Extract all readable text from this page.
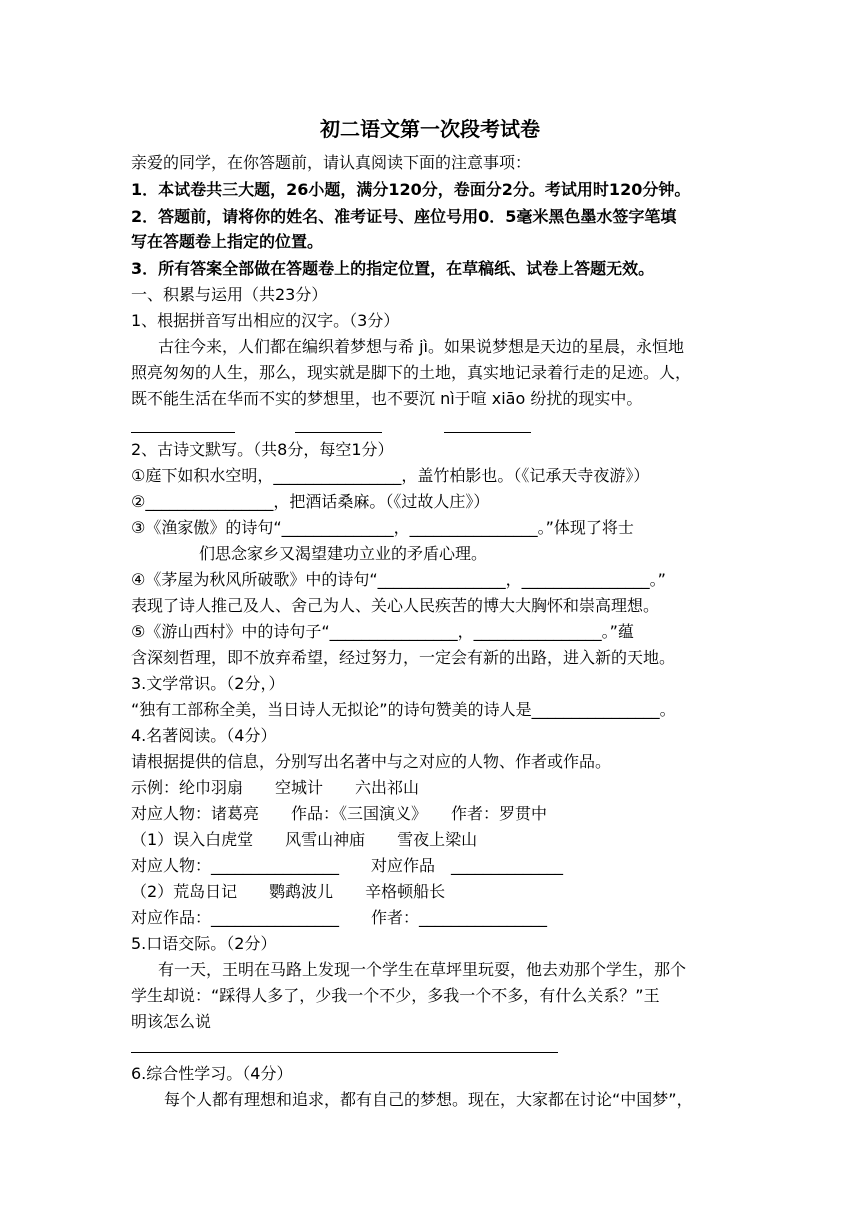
初二语文第一次段考试卷
亲爱的同学，在你答题前，请认真阅读下面的注意事项：
1．本试卷共三大题，26小题，满分120分，卷面分2分。考试用时120分钟。
2．答题前，请将你的姓名、准考证号、座位号用0．5毫米黑色墨水签字笔填
写在答题卷上指定的位置。
3．所有答案全部做在答题卷上的指定位置，在草稿纸、试卷上答题无效。
一、积累与运用（共23分）
1、根据拼音写出相应的汉字。（3分）
古往今来，人们都在编织着梦想与希 jì。如果说梦想是天边的星晨，永恒地
照亮匆匆的人生，那么，现实就是脚下的土地，真实地记录着行走的足迹。人，
既不能生活在华而不实的梦想里，也不要沉 nì于喧 xiāo 纷扰的现实中。
2、古诗文默写。（共8分，每空1分）
①庭下如积水空明，________________，盖竹柏影也。（《记承天寺夜游》）
②________________，把酒话桑麻。（《过故人庄》）
③《渔家傲》的诗句“______________，________________。”体现了将士
们思念家乡又渴望建功立业的矛盾心理。
④《茅屋为秋风所破歌》中的诗句“________________，________________。”
表现了诗人推己及人、舍己为人、关心人民疾苦的博大大胸怀和崇高理想。
⑤《游山西村》中的诗句子“________________，________________。”蕴
含深刻哲理，即不放弃希望，经过努力，一定会有新的出路，进入新的天地。
3.文学常识。（2分，）
“独有工部称全美，当日诗人无拟论”的诗句赞美的诗人是________________。
4.名著阅读。（4分）
请根据提供的信息，分别写出名著中与之对应的人物、作者或作品。
示例：纶巾羽扇　　空城计　　六出祁山
对应人物：诸葛亮　　作品：《三国演义》　　作者：罗贯中
（1）误入白虎堂　　风雪山神庙　　雪夜上梁山
对应人物：________________　　对应作品　______________
（2）荒岛日记　　鹦鹉波儿　　辛格顿船长
对应作品：________________　　作者：________________
5.口语交际。（2分）
有一天，王明在马路上发现一个学生在草坪里玩耍，他去劝那个学生，那个
学生却说：“踩得人多了，少我一个不少，多我一个不多，有什么关系？”王
明该怎么说
6.综合性学习。（4分）
每个人都有理想和追求，都有自己的梦想。现在，大家都在讨论“中国梦”，
